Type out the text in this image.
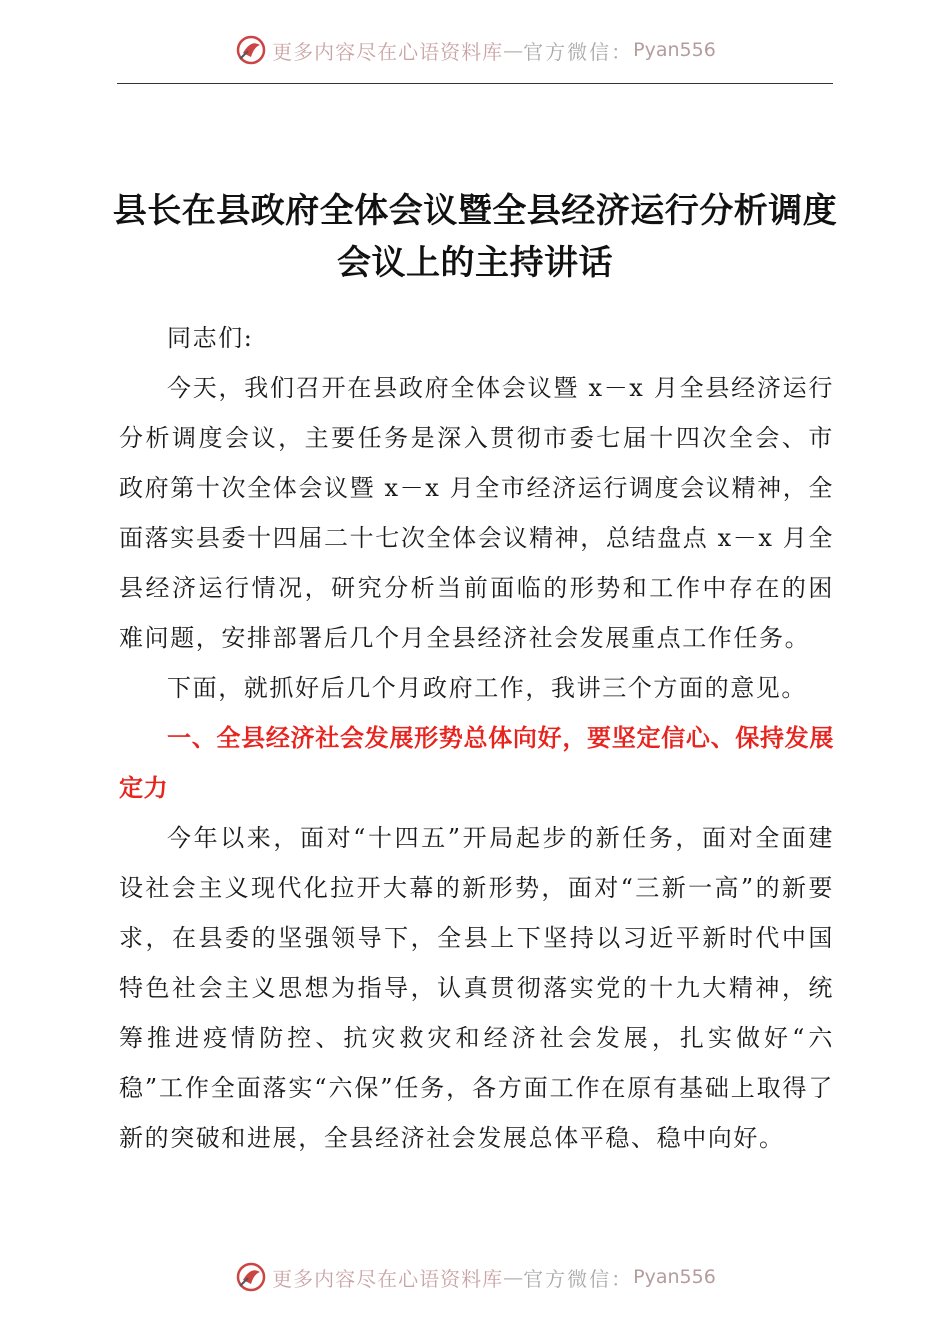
更多内容尽在心语资料库 — 官方微信： Pyan556
县长在县政府全体会议暨全县经济运行分析调度会议上的主持讲话

同志们:

今天，我们召开在县政府全体会议暨 x－x 月全县经济运行分析调度会议，主要任务是深入贯彻市委七届十四次全会、市政府第十次全体会议暨 x－x 月全市经济运行调度会议精神，全面落实县委十四届二十七次全体会议精神，总结盘点 x－x 月全县经济运行情况，研究分析当前面临的形势和工作中存在的困难问题，安排部署后几个月全县经济社会发展重点工作任务。

下面，就抓好后几个月政府工作，我讲三个方面的意见。

一、全县经济社会发展形势总体向好，要坚定信心、保持发展定力

今年以来，面对“十四五”开局起步的新任务，面对全面建设社会主义现代化拉开大幕的新形势，面对“三新一高”的新要求，在县委的坚强领导下，全县上下坚持以习近平新时代中国特色社会主义思想为指导，认真贯彻落实党的十九大精神，统筹推进疫情防控、抗灾救灾和经济社会发展，扎实做好“六稳”工作全面落实“六保”任务，各方面工作在原有基础上取得了新的突破和进展，全县经济社会发展总体平稳、稳中向好。

更多内容尽在心语资料库 — 官方微信： Pyan556
